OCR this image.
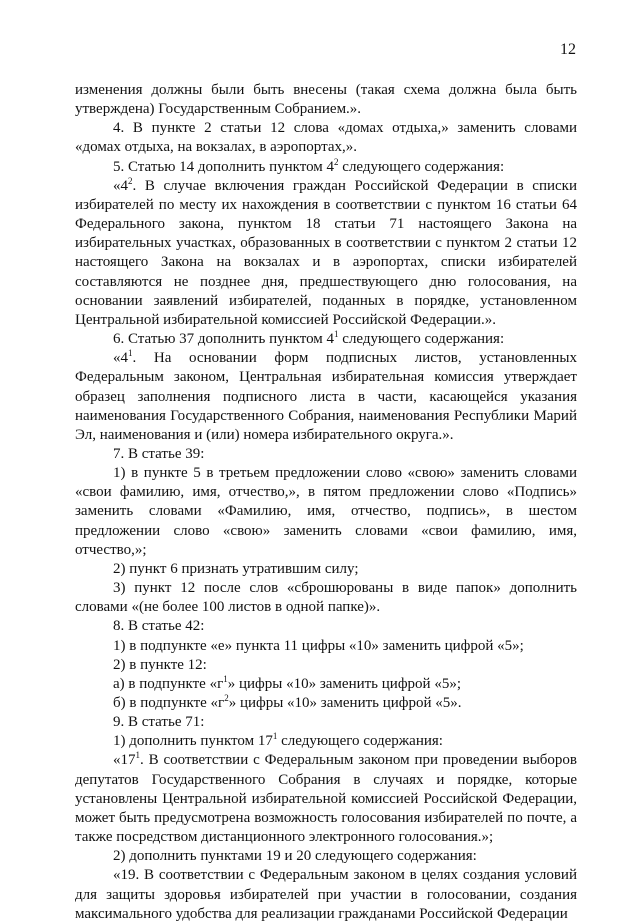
12

изменения должны были быть внесены (такая схема должна была быть утверждена) Государственным Собранием.».

4. В пункте 2 статьи 12 слова «домах отдыха,» заменить словами «домах отдыха, на вокзалах, в аэропортах,».

5. Статью 14 дополнить пунктом $4^2$ следующего содержания:

«$4^2$. В случае включения граждан Российской Федерации в списки избирателей по месту их нахождения в соответствии с пунктом 16 статьи 64 Федерального закона, пунктом 18 статьи 71 настоящего Закона на избирательных участках, образованных в соответствии с пунктом 2 статьи 12 настоящего Закона на вокзалах и в аэропортах, списки избирателей составляются не позднее дня, предшествующего дню голосования, на основании заявлений избирателей, поданных в порядке, установленном Центральной избирательной комиссией Российской Федерации.».

6. Статью 37 дополнить пунктом $4^1$ следующего содержания:

«$4^1$. На основании форм подписных листов, установленных Федеральным законом, Центральная избирательная комиссия утверждает образец заполнения подписного листа в части, касающейся указания наименования Государственного Собрания, наименования Республики Марий Эл, наименования и (или) номера избирательного округа.».

7. В статье 39:

1) в пункте 5 в третьем предложении слово «свою» заменить словами «свои фамилию, имя, отчество,», в пятом предложении слово «Подпись» заменить словами «Фамилию, имя, отчество, подпись», в шестом предложении слово «свою» заменить словами «свои фамилию, имя, отчество,»;

2) пункт 6 признать утратившим силу;

3) пункт 12 после слов «сброшюрованы в виде папок» дополнить словами «(не более 100 листов в одной папке)».

8. В статье 42:

1) в подпункте «е» пункта 11 цифры «10» заменить цифрой «5»;

2) в пункте 12:

а) в подпункте «$г^1$» цифры «10» заменить цифрой «5»;

б) в подпункте «$г^2$» цифры «10» заменить цифрой «5».

9. В статье 71:

1) дополнить пунктом $17^1$ следующего содержания:

«$17^1$. В соответствии с Федеральным законом при проведении выборов депутатов Государственного Собрания в случаях и порядке, которые установлены Центральной избирательной комиссией Российской Федерации, может быть предусмотрена возможность голосования избирателей по почте, а также посредством дистанционного электронного голосования.»;

2) дополнить пунктами 19 и 20 следующего содержания:

«19. В соответствии с Федеральным законом в целях создания условий для защиты здоровья избирателей при участии в голосовании, создания максимального удобства для реализации гражданами Российской Федерации
